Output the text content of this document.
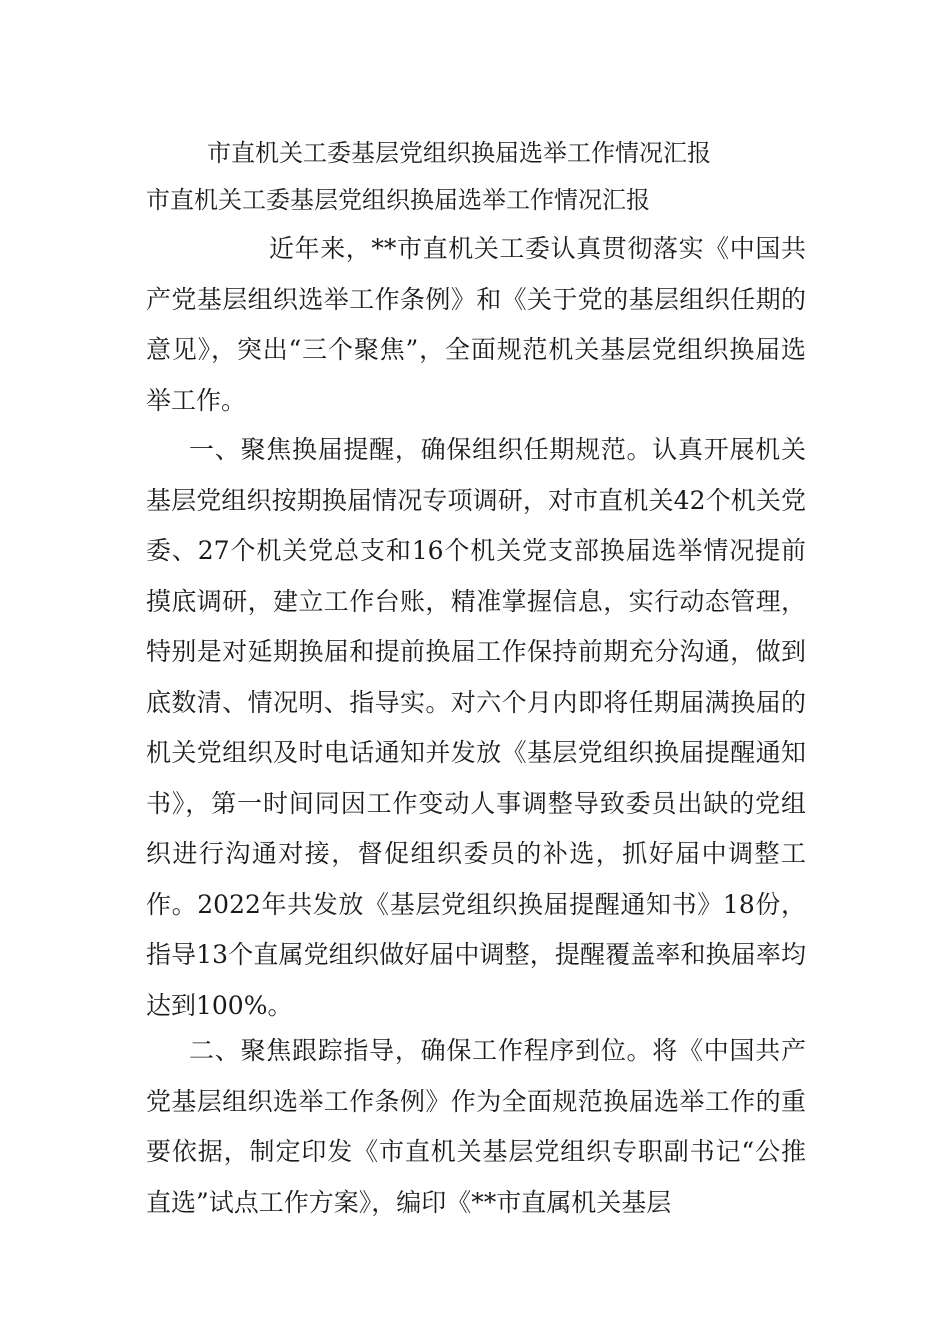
市直机关工委基层党组织换届选举工作情况汇报
市直机关工委基层党组织换届选举工作情况汇报

近年来，**市直机关工委认真贯彻落实《中国共产党基层组织选举工作条例》和《关于党的基层组织任期的意见》，突出“三个聚焦”，全面规范机关基层党组织换届选举工作。

一、聚焦换届提醒，确保组织任期规范。认真开展机关基层党组织按期换届情况专项调研，对市直机关42个机关党委、27个机关党总支和16个机关党支部换届选举情况提前摸底调研，建立工作台账，精准掌握信息，实行动态管理，特别是对延期换届和提前换届工作保持前期充分沟通，做到底数清、情况明、指导实。对六个月内即将任期届满换届的机关党组织及时电话通知并发放《基层党组织换届提醒通知书》，第一时间同因工作变动人事调整导致委员出缺的党组织进行沟通对接，督促组织委员的补选，抓好届中调整工作。2022年共发放《基层党组织换届提醒通知书》18份，指导13个直属党组织做好届中调整，提醒覆盖率和换届率均达到100%。

二、聚焦跟踪指导，确保工作程序到位。将《中国共产党基层组织选举工作条例》作为全面规范换届选举工作的重要依据，制定印发《市直机关基层党组织专职副书记“公推直选”试点工作方案》，编印《**市直属机关基层
